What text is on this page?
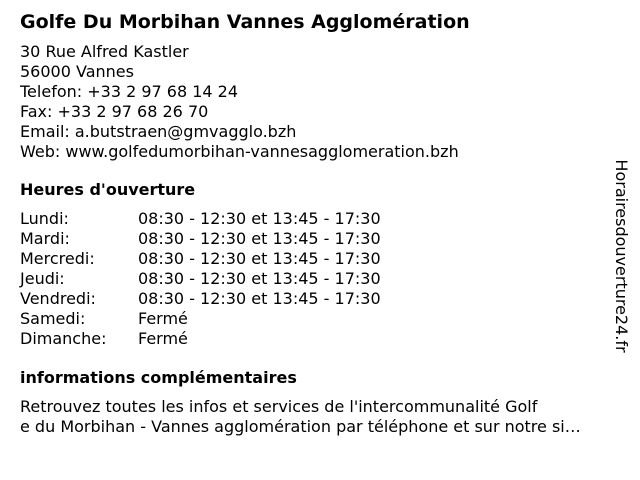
Golfe Du Morbihan Vannes Agglomération
30 Rue Alfred Kastler
56000 Vannes
Telefon: +33 2 97 68 14 24
Fax: +33 2 97 68 26 70
Email: a.butstraen@gmvagglo.bzh
Web: www.golfedumorbihan-vannesagglomeration.bzh
Heures d'ouverture
Lundi:	08:30 - 12:30 et 13:45 - 17:30
Mardi:	08:30 - 12:30 et 13:45 - 17:30
Mercredi:	08:30 - 12:30 et 13:45 - 17:30
Jeudi:	08:30 - 12:30 et 13:45 - 17:30
Vendredi:	08:30 - 12:30 et 13:45 - 17:30
Samedi:	Fermé
Dimanche:	Fermé
informations complémentaires
Retrouvez toutes les infos et services de l'intercommunalité Golf
e du Morbihan - Vannes agglomération par téléphone et sur notre si…
Horairesdouverture24.fr
